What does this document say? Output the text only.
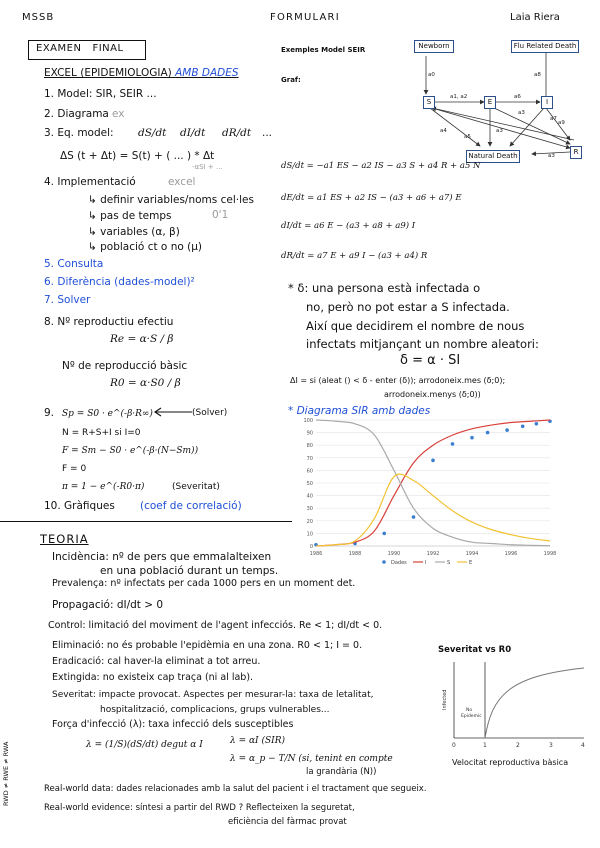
MSSB	FORMULARI	Laia Riera
EXAMEN   FINAL
EXCEL (EPIDEMIOLOGIA) AMB DADES
1. Model: SIR, SEIR ...
2. Diagrama ex
3. Eq. model: dS/dt dI/dt dR/dt ...
ΔS (t + Δt) = S(t) + ( ... ) * Δt
-αSI + ...
4. Implementació	excel
↳ definir variables/noms cel·les
↳ pas de temps	0'1
↳ variables (α, β)
↳ població ct o no (μ)
5. Consulta
6. Diferència (dades-model)²
7. Solver
8. Nº reproductiu efectiu
Re = α·S / β
Nº de reproducció bàsic
R0 = α·S0 / β
9. Sp = S0 · e^(-β·R∞)	(Solver)
N = R+S+I si I=0
F = Sm − S0 · e^(-β·(N−Sm))
F = 0
π = 1 − e^(-R0·π)	(Severitat)
10. Gràfiques (coef de correlació)
Exemples Model SEIR
Graf:
a0
a1, a2	a6
a3
a7
a8
a9
a4
a5
a3
a3
Newborn	Flu Related Death
S	E	I
R
Natural Death
dS/dt = −a1 ES − a2 IS − a3 S + a4 R + a5 N
dE/dt = a1 ES + a2 IS − (a3 + a6 + a7) E
dI/dt = a6 E − (a3 + a8 + a9) I
dR/dt = a7 E + a9 I − (a3 + a4) R
* δ: una persona està infectada o
no, però no pot estar a S infectada.
Així que decidirem el nombre de nous
infectats mitjançant un nombre aleatori:
δ = α · SI
ΔI = si (aleat () < δ - enter (δ)); arrodoneix.mes (δ;0);
arrodoneix.menys (δ;0))
* Diagrama SIR amb dades
0
10
20
30
40
50
60
70
80
90
100
1986	1988	1990	1992	1994	1996	1998
Dades	I	S	E
TEORIA
Incidència: nº de pers que emmalalteixen
en una població durant un temps.
Prevalença: nº infectats per cada 1000 pers en un moment det.
Propagació: dI/dt > 0
Control: limitació del moviment de l'agent infecciós. Re < 1; dI/dt < 0.
Eliminació: no és probable l'epidèmia en una zona. R0 < 1; I = 0.
Eradicació: cal haver-la eliminat a tot arreu.
Extingida: no existeix cap traça (ni al lab).
Severitat: impacte provocat. Aspectes per mesurar-la: taxa de letalitat,
hospitalització, complicacions, grups vulnerables...
Força d'infecció (λ): taxa infecció dels susceptibles
λ = (1/S)(dS/dt) degut α I	λ = αI (SIR)
λ = α_p − T/N (si, tenint en compte
la grandària (N))
Real-world data: dades relacionades amb la salut del pacient i el tractament que segueix.
Real-world evidence: síntesi a partir del RWD ? Reflecteixen la seguretat,
eficiència del fàrmac provat
RWD ≠ RWE ≠ RWA
Severitat vs R0
No
Epidemic
Infected
0	1	2	3	4
Velocitat reproductiva bàsica
